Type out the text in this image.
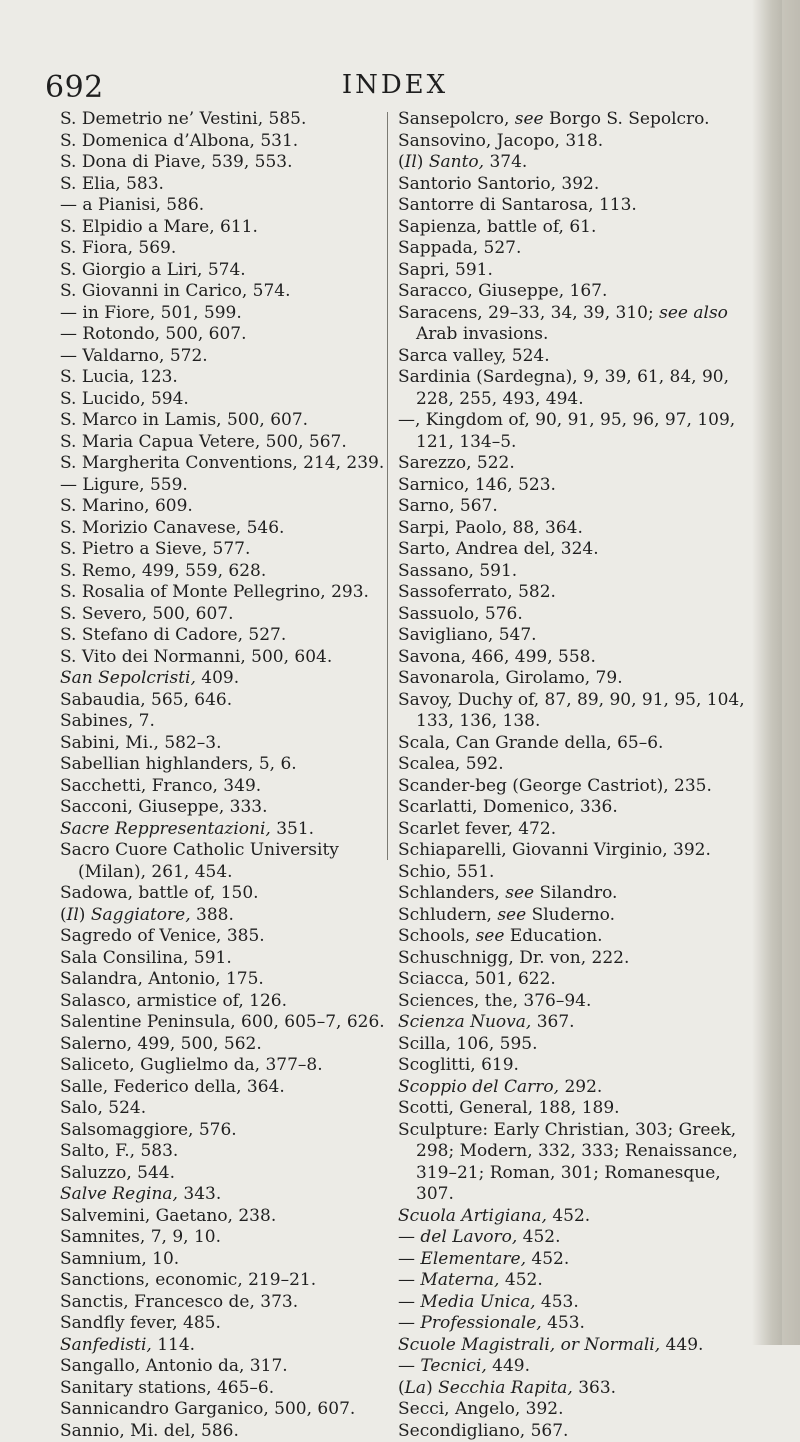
692	INDEX
S. Demetrio ne’ Vestini, 585.
S. Domenica d’Albona, 531.
S. Dona di Piave, 539, 553.
S. Elia, 583.
— a Pianisi, 586.
S. Elpidio a Mare, 611.
S. Fiora, 569.
S. Giorgio a Liri, 574.
S. Giovanni in Carico, 574.
— in Fiore, 501, 599.
— Rotondo, 500, 607.
— Valdarno, 572.
S. Lucia, 123.
S. Lucido, 594.
S. Marco in Lamis, 500, 607.
S. Maria Capua Vetere, 500, 567.
S. Margherita Conventions, 214, 239.
— Ligure, 559.
S. Marino, 609.
S. Morizio Canavese, 546.
S. Pietro a Sieve, 577.
S. Remo, 499, 559, 628.
S. Rosalia of Monte Pellegrino, 293.
S. Severo, 500, 607.
S. Stefano di Cadore, 527.
S. Vito dei Normanni, 500, 604.
San Sepolcristi, 409.
Sabaudia, 565, 646.
Sabines, 7.
Sabini, Mi., 582–3.
Sabellian highlanders, 5, 6.
Sacchetti, Franco, 349.
Sacconi, Giuseppe, 333.
Sacre Reppresentazioni, 351.
Sacro Cuore Catholic University (Milan), 261, 454.
Sadowa, battle of, 150.
(Il) Saggiatore, 388.
Sagredo of Venice, 385.
Sala Consilina, 591.
Salandra, Antonio, 175.
Salasco, armistice of, 126.
Salentine Peninsula, 600, 605–7, 626.
Salerno, 499, 500, 562.
Saliceto, Guglielmo da, 377–8.
Salle, Federico della, 364.
Salo, 524.
Salsomaggiore, 576.
Salto, F., 583.
Saluzzo, 544.
Salve Regina, 343.
Salvemini, Gaetano, 238.
Samnites, 7, 9, 10.
Samnium, 10.
Sanctions, economic, 219–21.
Sanctis, Francesco de, 373.
Sandfly fever, 485.
Sanfedisti, 114.
Sangallo, Antonio da, 317.
Sanitary stations, 465–6.
Sannicandro Garganico, 500, 607.
Sannio, Mi. del, 586.
Sansepolcro, see Borgo S. Sepolcro.
Sansovino, Jacopo, 318.
(Il) Santo, 374.
Santorio Santorio, 392.
Santorre di Santarosa, 113.
Sapienza, battle of, 61.
Sappada, 527.
Sapri, 591.
Saracco, Giuseppe, 167.
Saracens, 29–33, 34, 39, 310; see also Arab invasions.
Sarca valley, 524.
Sardinia (Sardegna), 9, 39, 61, 84, 90, 228, 255, 493, 494.
—, Kingdom of, 90, 91, 95, 96, 97, 109, 121, 134–5.
Sarezzo, 522.
Sarnico, 146, 523.
Sarno, 567.
Sarpi, Paolo, 88, 364.
Sarto, Andrea del, 324.
Sassano, 591.
Sassoferrato, 582.
Sassuolo, 576.
Savigliano, 547.
Savona, 466, 499, 558.
Savonarola, Girolamo, 79.
Savoy, Duchy of, 87, 89, 90, 91, 95, 104, 133, 136, 138.
Scala, Can Grande della, 65–6.
Scalea, 592.
Scander-beg (George Castriot), 235.
Scarlatti, Domenico, 336.
Scarlet fever, 472.
Schiaparelli, Giovanni Virginio, 392.
Schio, 551.
Schlanders, see Silandro.
Schludern, see Sluderno.
Schools, see Education.
Schuschnigg, Dr. von, 222.
Sciacca, 501, 622.
Sciences, the, 376–94.
Scienza Nuova, 367.
Scilla, 106, 595.
Scoglitti, 619.
Scoppio del Carro, 292.
Scotti, General, 188, 189.
Sculpture: Early Christian, 303; Greek, 298; Modern, 332, 333; Renaissance, 319–21; Roman, 301; Romanesque, 307.
Scuola Artigiana, 452.
— del Lavoro, 452.
— Elementare, 452.
— Materna, 452.
— Media Unica, 453.
— Professionale, 453.
Scuole Magistrali, or Normali, 449.
— Tecnici, 449.
(La) Secchia Rapita, 363.
Secci, Angelo, 392.
Secondigliano, 567.
